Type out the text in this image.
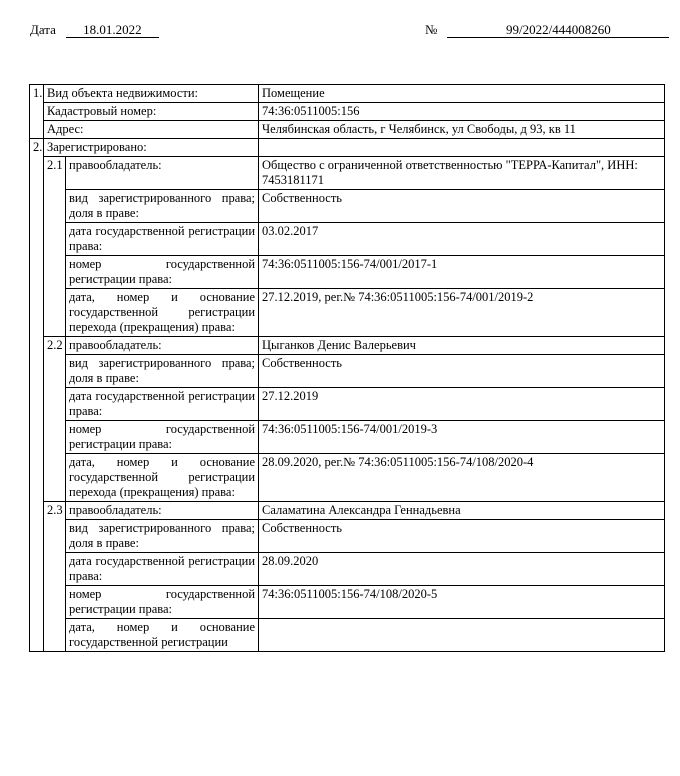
Дата 18.01.2022	№	99/2022/444008260
1.	Вид объекта недвижимости:		Помещение
	Кадастровый номер:		74:36:0511005:156
	Адрес:		Челябинская область, г Челябинск, ул Свободы, д 93, кв 11
2.	Зарегистрировано:		
	2.1	правообладатель:	Общество с ограниченной ответственностью "ТЕРРА-Капитал", ИНН: 7453181171
		вид зарегистрированного права; доля в праве:	Собственность
		дата государственной регистрации права:	03.02.2017
		номер государственной регистрации права:	74:36:0511005:156-74/001/2017-1
		дата, номер и основание государственной регистрации перехода (прекращения) права:	27.12.2019, рег.№ 74:36:0511005:156-74/001/2019-2
	2.2	правообладатель:	Цыганков Денис Валерьевич
		вид зарегистрированного права; доля в праве:	Собственность
		дата государственной регистрации права:	27.12.2019
		номер государственной регистрации права:	74:36:0511005:156-74/001/2019-3
		дата, номер и основание государственной регистрации перехода (прекращения) права:	28.09.2020, рег.№ 74:36:0511005:156-74/108/2020-4
	2.3	правообладатель:	Саламатина Александра Геннадьевна
		вид зарегистрированного права; доля в праве:	Собственность
		дата государственной регистрации права:	28.09.2020
		номер государственной регистрации права:	74:36:0511005:156-74/108/2020-5
		дата, номер и основание государственной регистрации	
